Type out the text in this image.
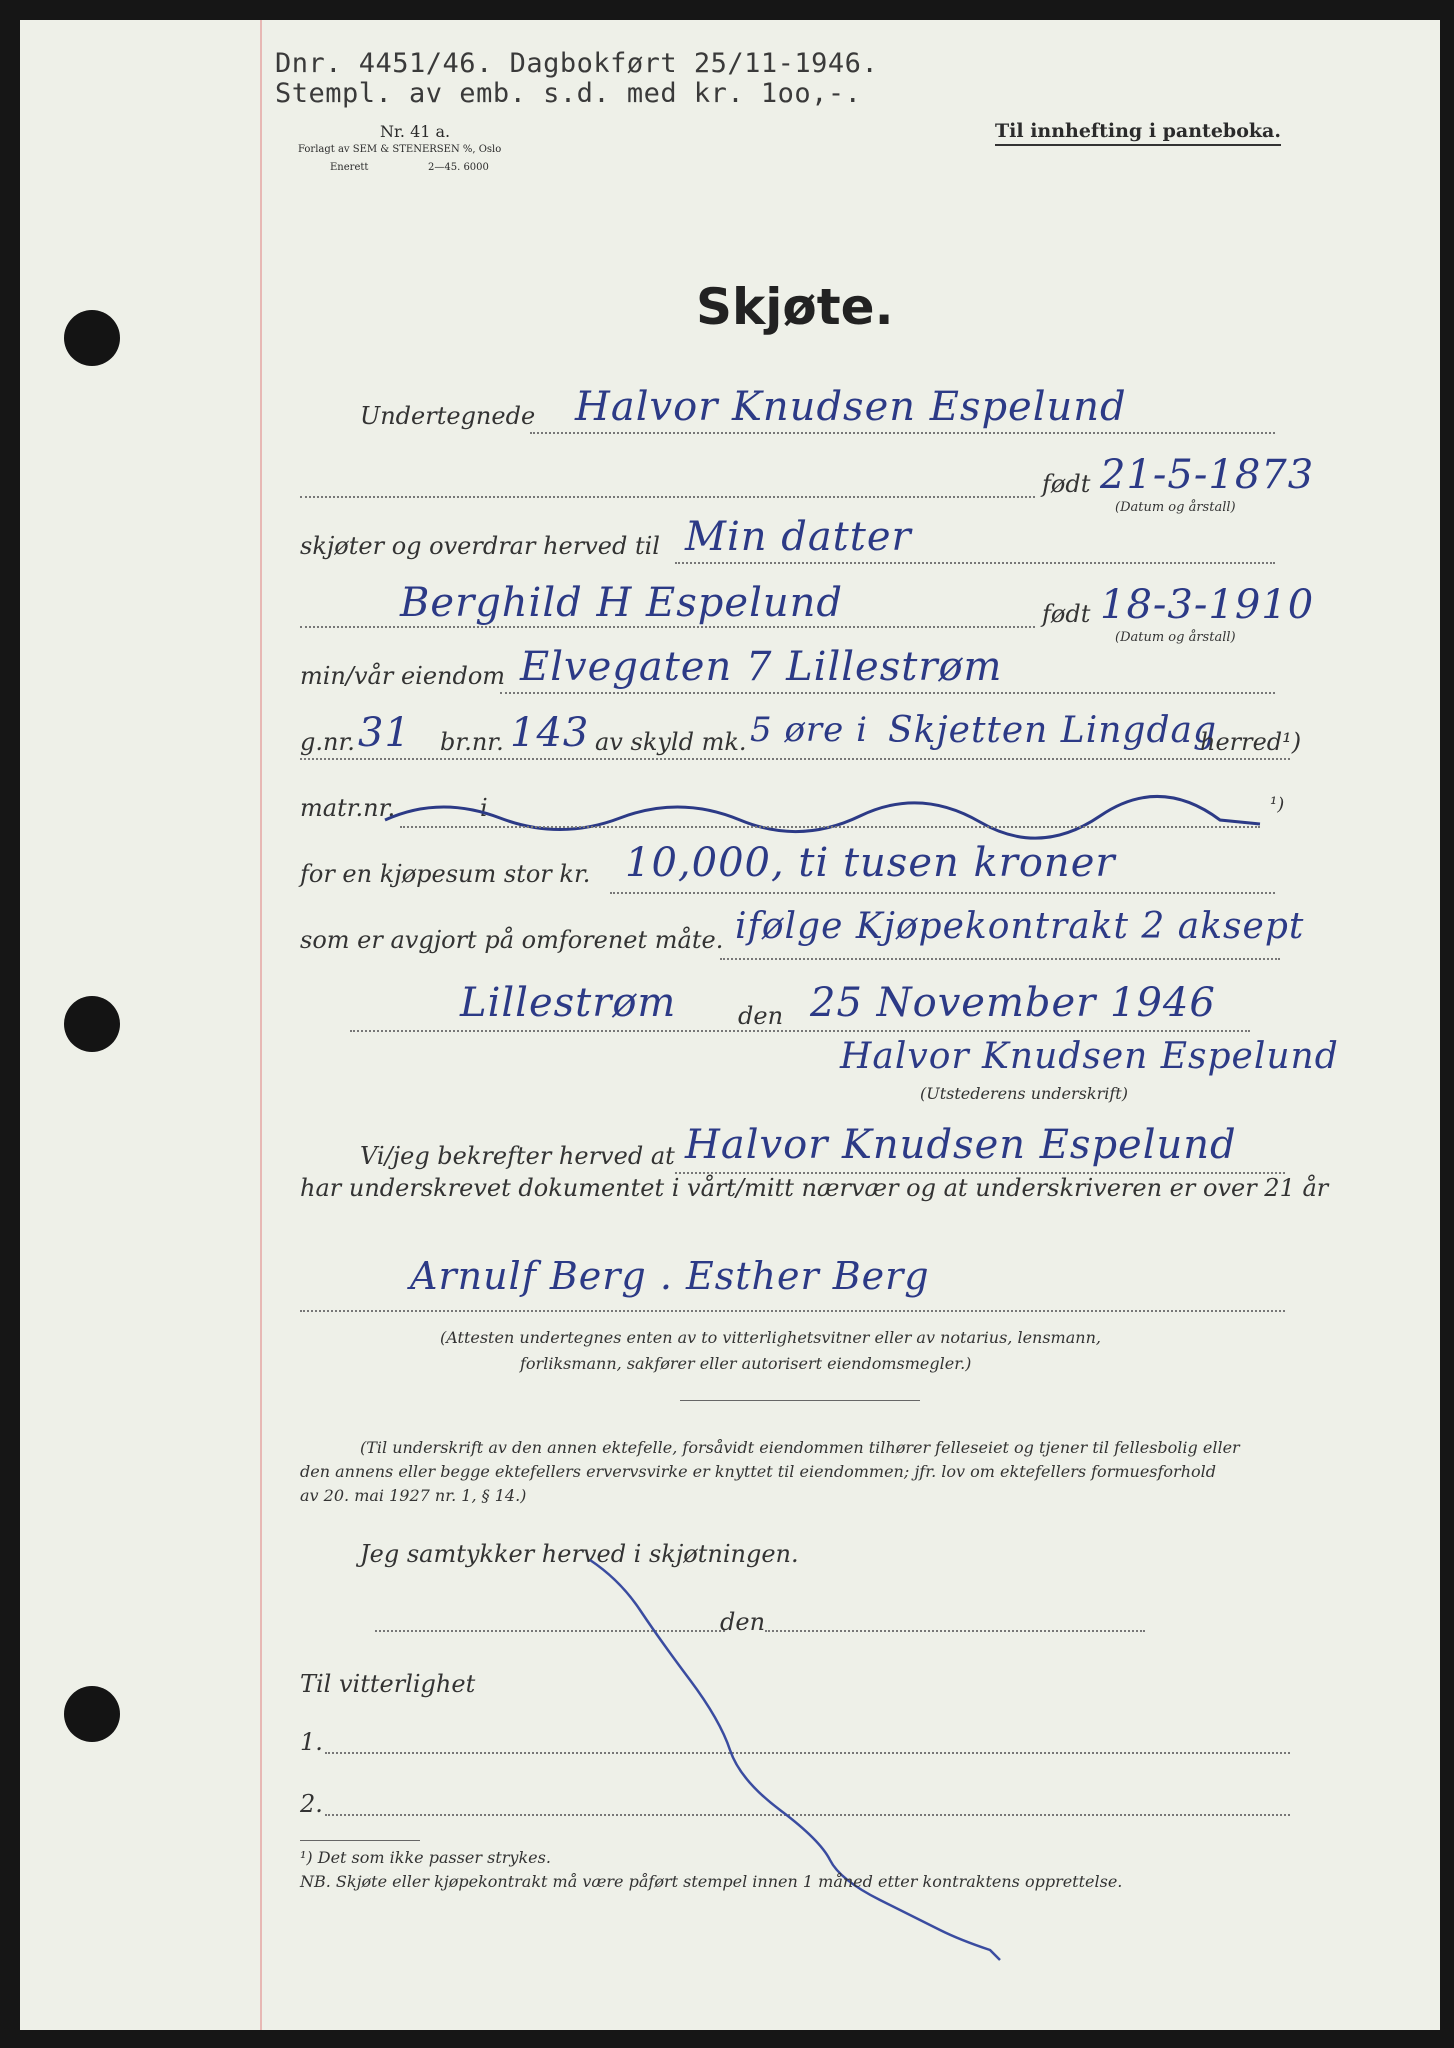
Dnr. 4451/46. Dagbokført 25/11-1946.
Stempl. av emb. s.d. med kr. 1oo,-.
Nr. 41 a.
Forlagt av SEM & STENERSEN %, Oslo
Enerett	2—45. 6000
Til innhefting i panteboka.
Skjøte.
Undertegnede Halvor Knudsen Espelund
født 21-5-1873
(Datum og årstall)
skjøter og overdrar herved til Min datter
Berghild H Espelund	født 18-3-1910
(Datum og årstall)
min/vår eiendom Elvegaten 7 Lillestrøm
g.nr. 31 br.nr. 143 av skyld mk. 5 øre i Skjetten Lingdag
herred¹)
matr.nr.	i	¹)
for en kjøpesum stor kr. 10,000, ti tusen kroner
som er avgjort på omforenet måte. ifølge Kjøpekontrakt 2 aksept
Lillestrøm	den 25 November 1946
Halvor Knudsen Espelund
(Utstederens underskrift)
Vi/jeg bekrefter herved at Halvor Knudsen Espelund
har underskrevet dokumentet i vårt/mitt nærvær og at underskriveren er over 21 år
Arnulf Berg . Esther Berg
(Attesten undertegnes enten av to vitterlighetsvitner eller av notarius, lensmann,
forliksmann, sakfører eller autorisert eiendomsmegler.)
(Til underskrift av den annen ektefelle, forsåvidt eiendommen tilhører felleseiet og tjener til fellesbolig eller
den annens eller begge ektefellers ervervsvirke er knyttet til eiendommen; jfr. lov om ektefellers formuesforhold
av 20. mai 1927 nr. 1, § 14.)
Jeg samtykker herved i skjøtningen.
den
Til vitterlighet
1.
2.
¹) Det som ikke passer strykes.
NB. Skjøte eller kjøpekontrakt må være påført stempel innen 1 måned etter kontraktens opprettelse.
